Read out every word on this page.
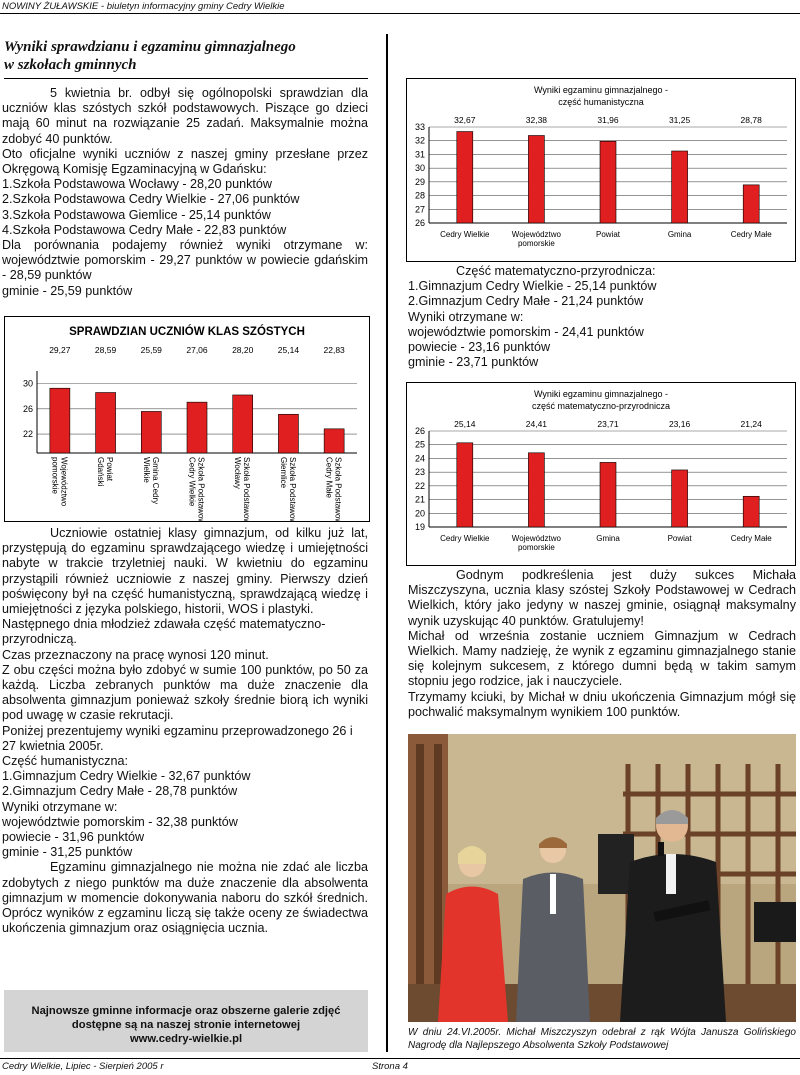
NOWINY ŻUŁAWSKIE - biuletyn informacyjny gminy Cedry Wielkie
Wyniki sprawdzianu i egzaminu gimnazjalnego
w szkołach gminnych

5 kwietnia br. odbył się ogólnopolski sprawdzian dla uczniów klas szóstych szkół podstawowych. Piszące go dzieci mają 60 minut na rozwiązanie 25 zadań. Maksymalnie można zdobyć 40 punktów.

Oto oficjalne wyniki uczniów z naszej gminy przesłane przez Okręgową Komisję Egzaminacyjną w Gdańsku:

1.Szkoła Podstawowa Wocławy - 28,20 punktów

2.Szkoła Podstawowa Cedry Wielkie - 27,06 punktów

3.Szkoła Podstawowa Giemlice - 25,14 punktów

4.Szkoła Podstawowa Cedry Małe - 22,83 punktów

Dla porównania podajemy również wyniki otrzymane w: województwie pomorskim - 29,27 punktów w powiecie gdańskim - 28,59 punktów

gminie - 25,59 punktów

SPRAWDZIAN UCZNIÓW KLAS SZÓSTYCH
22
26
30
29,27
Województwopomorskie
28,59
PowiatGdański
25,59
Gmina CedryWielkie
27,06
Szkoła PodstawowaCedry Wielkie
28,20
Szkoła PodstawowaWocławy
25,14
Szkoła PodstawowaGiemlice
22,83
Szkoła PodstawowaCedry Małe

Uczniowie ostatniej klasy gimnazjum, od kilku już lat, przystępują do egzaminu sprawdzającego wiedzę i umiejętności nabyte w trakcie trzyletniej nauki. W kwietniu do egzaminu przystąpili również uczniowie z naszej gminy. Pierwszy dzień poświęcony był na część humanistyczną, sprawdzającą wiedzę i umiejętności z języka polskiego, historii, WOS i plastyki.

Następnego dnia młodzież zdawała część matematyczno-przyrodniczą.

Czas przeznaczony na pracę wynosi 120 minut.

Z obu części można było zdobyć w sumie 100 punktów, po 50 za każdą. Liczba zebranych punktów ma duże znaczenie dla absolwenta gimnazjum ponieważ szkoły średnie biorą ich wyniki pod uwagę w czasie rekrutacji.

Poniżej prezentujemy wyniki egzaminu przeprowadzonego 26 i 27 kwietnia 2005r.

Część humanistyczna:

1.Gimnazjum Cedry Wielkie - 32,67 punktów

2.Gimnazjum Cedry Małe - 28,78 punktów

Wyniki otrzymane w:

województwie pomorskim - 32,38 punktów

powiecie - 31,96 punktów

gminie - 31,25 punktów

Egzaminu gimnazjalnego nie można nie zdać ale liczba zdobytych z niego punktów ma duże znaczenie dla absolwenta gimnazjum w momencie dokonywania naboru do szkół średnich. Oprócz wyników z egzaminu liczą się także oceny ze świadectwa ukończenia gimnazjum oraz osiągnięcia ucznia.

Najnowsze gminne informacje oraz obszerne galerie zdjęć
dostępne są na naszej stronie internetowej
www.cedry-wielkie.pl
Wyniki egzaminu gimnazjalnego -
część humanistyczna
26
27
28
29
30
31
32
33
32,67
Cedry Wielkie
32,38
Województwo
pomorskie
31,96
Powiat
31,25
Gmina
28,78
Cedry Małe

Część matematyczno-przyrodnicza:

1.Gimnazjum Cedry Wielkie - 25,14 punktów

2.Gimnazjum Cedry Małe - 21,24 punktów

Wyniki otrzymane w:

województwie pomorskim - 24,41 punktów

powiecie - 23,16 punktów

gminie - 23,71 punktów

Wyniki egzaminu gimnazjalnego -
część matematyczno-przyrodnicza
19
20
21
22
23
24
25
26
25,14
Cedry Wielkie
24,41
Województwo
pomorskie
23,71
Gmina
23,16
Powiat
21,24
Cedry Małe

Godnym podkreślenia jest duży sukces Michała Miszczyszyna, ucznia klasy szóstej Szkoły Podstawowej w Cedrach Wielkich, który jako jedyny w naszej gminie, osiągnął maksymalny wynik uzyskując 40 punktów. Gratulujemy!

Michał od września zostanie uczniem Gimnazjum w Cedrach Wielkich. Mamy nadzieję, że wynik z egzaminu gimnazjalnego stanie się kolejnym sukcesem, z którego dumni będą w takim samym stopniu jego rodzice, jak i nauczyciele.

Trzymamy kciuki, by Michał w dniu ukończenia Gimnazjum mógł się pochwalić maksymalnym wynikiem 100 punktów.

W dniu 24.VI.2005r. Michał Miszczyszyn odebrał z rąk Wójta Janusza Golińskiego Nagrodę dla Najlepszego Absolwenta Szkoły Podstawowej
Cedry Wielkie, Lipiec - Sierpień 2005 r	Strona 4
